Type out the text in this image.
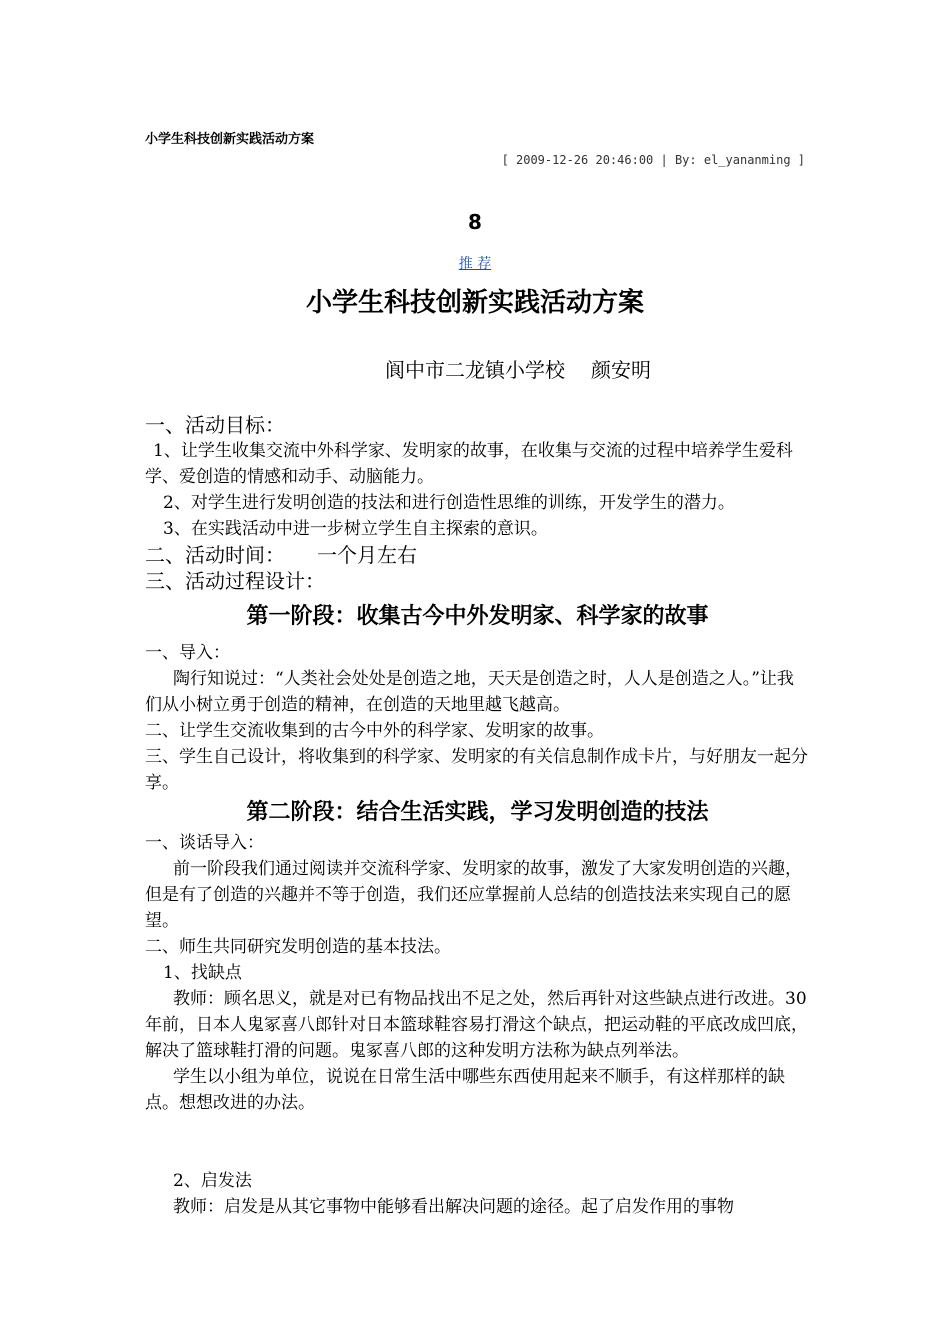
小学生科技创新实践活动方案
[ 2009-12-26 20:46:00 | By: el_yananming ]
8
推 荐
小学生科技创新实践活动方案
阆中市二龙镇小学校 颜安明

一、活动目标：

1、让学生收集交流中外科学家、发明家的故事，在收集与交流的过程中培养学生爱科学、爱创造的情感和动手、动脑能力。

2、对学生进行发明创造的技法和进行创造性思维的训练，开发学生的潜力。

3、在实践活动中进一步树立学生自主探索的意识。

二、活动时间： 一个月左右

三、活动过程设计：

第一阶段：收集古今中外发明家、科学家的故事

一、导入：

陶行知说过：“人类社会处处是创造之地，天天是创造之时，人人是创造之人。”让我们从小树立勇于创造的精神，在创造的天地里越飞越高。

二、让学生交流收集到的古今中外的科学家、发明家的故事。

三、学生自己设计，将收集到的科学家、发明家的有关信息制作成卡片，与好朋友一起分享。

第二阶段：结合生活实践，学习发明创造的技法

一、谈话导入：

前一阶段我们通过阅读并交流科学家、发明家的故事，激发了大家发明创造的兴趣，但是有了创造的兴趣并不等于创造，我们还应掌握前人总结的创造技法来实现自己的愿望。

二、师生共同研究发明创造的基本技法。

1、找缺点

教师：顾名思义，就是对已有物品找出不足之处，然后再针对这些缺点进行改进。30 年前，日本人鬼冢喜八郎针对日本篮球鞋容易打滑这个缺点，把运动鞋的平底改成凹底，解决了篮球鞋打滑的问题。鬼冢喜八郎的这种发明方法称为缺点列举法。

学生以小组为单位，说说在日常生活中哪些东西使用起来不顺手，有这样那样的缺点。想想改进的办法。

2、启发法

教师：启发是从其它事物中能够看出解决问题的途径。起了启发作用的事物
